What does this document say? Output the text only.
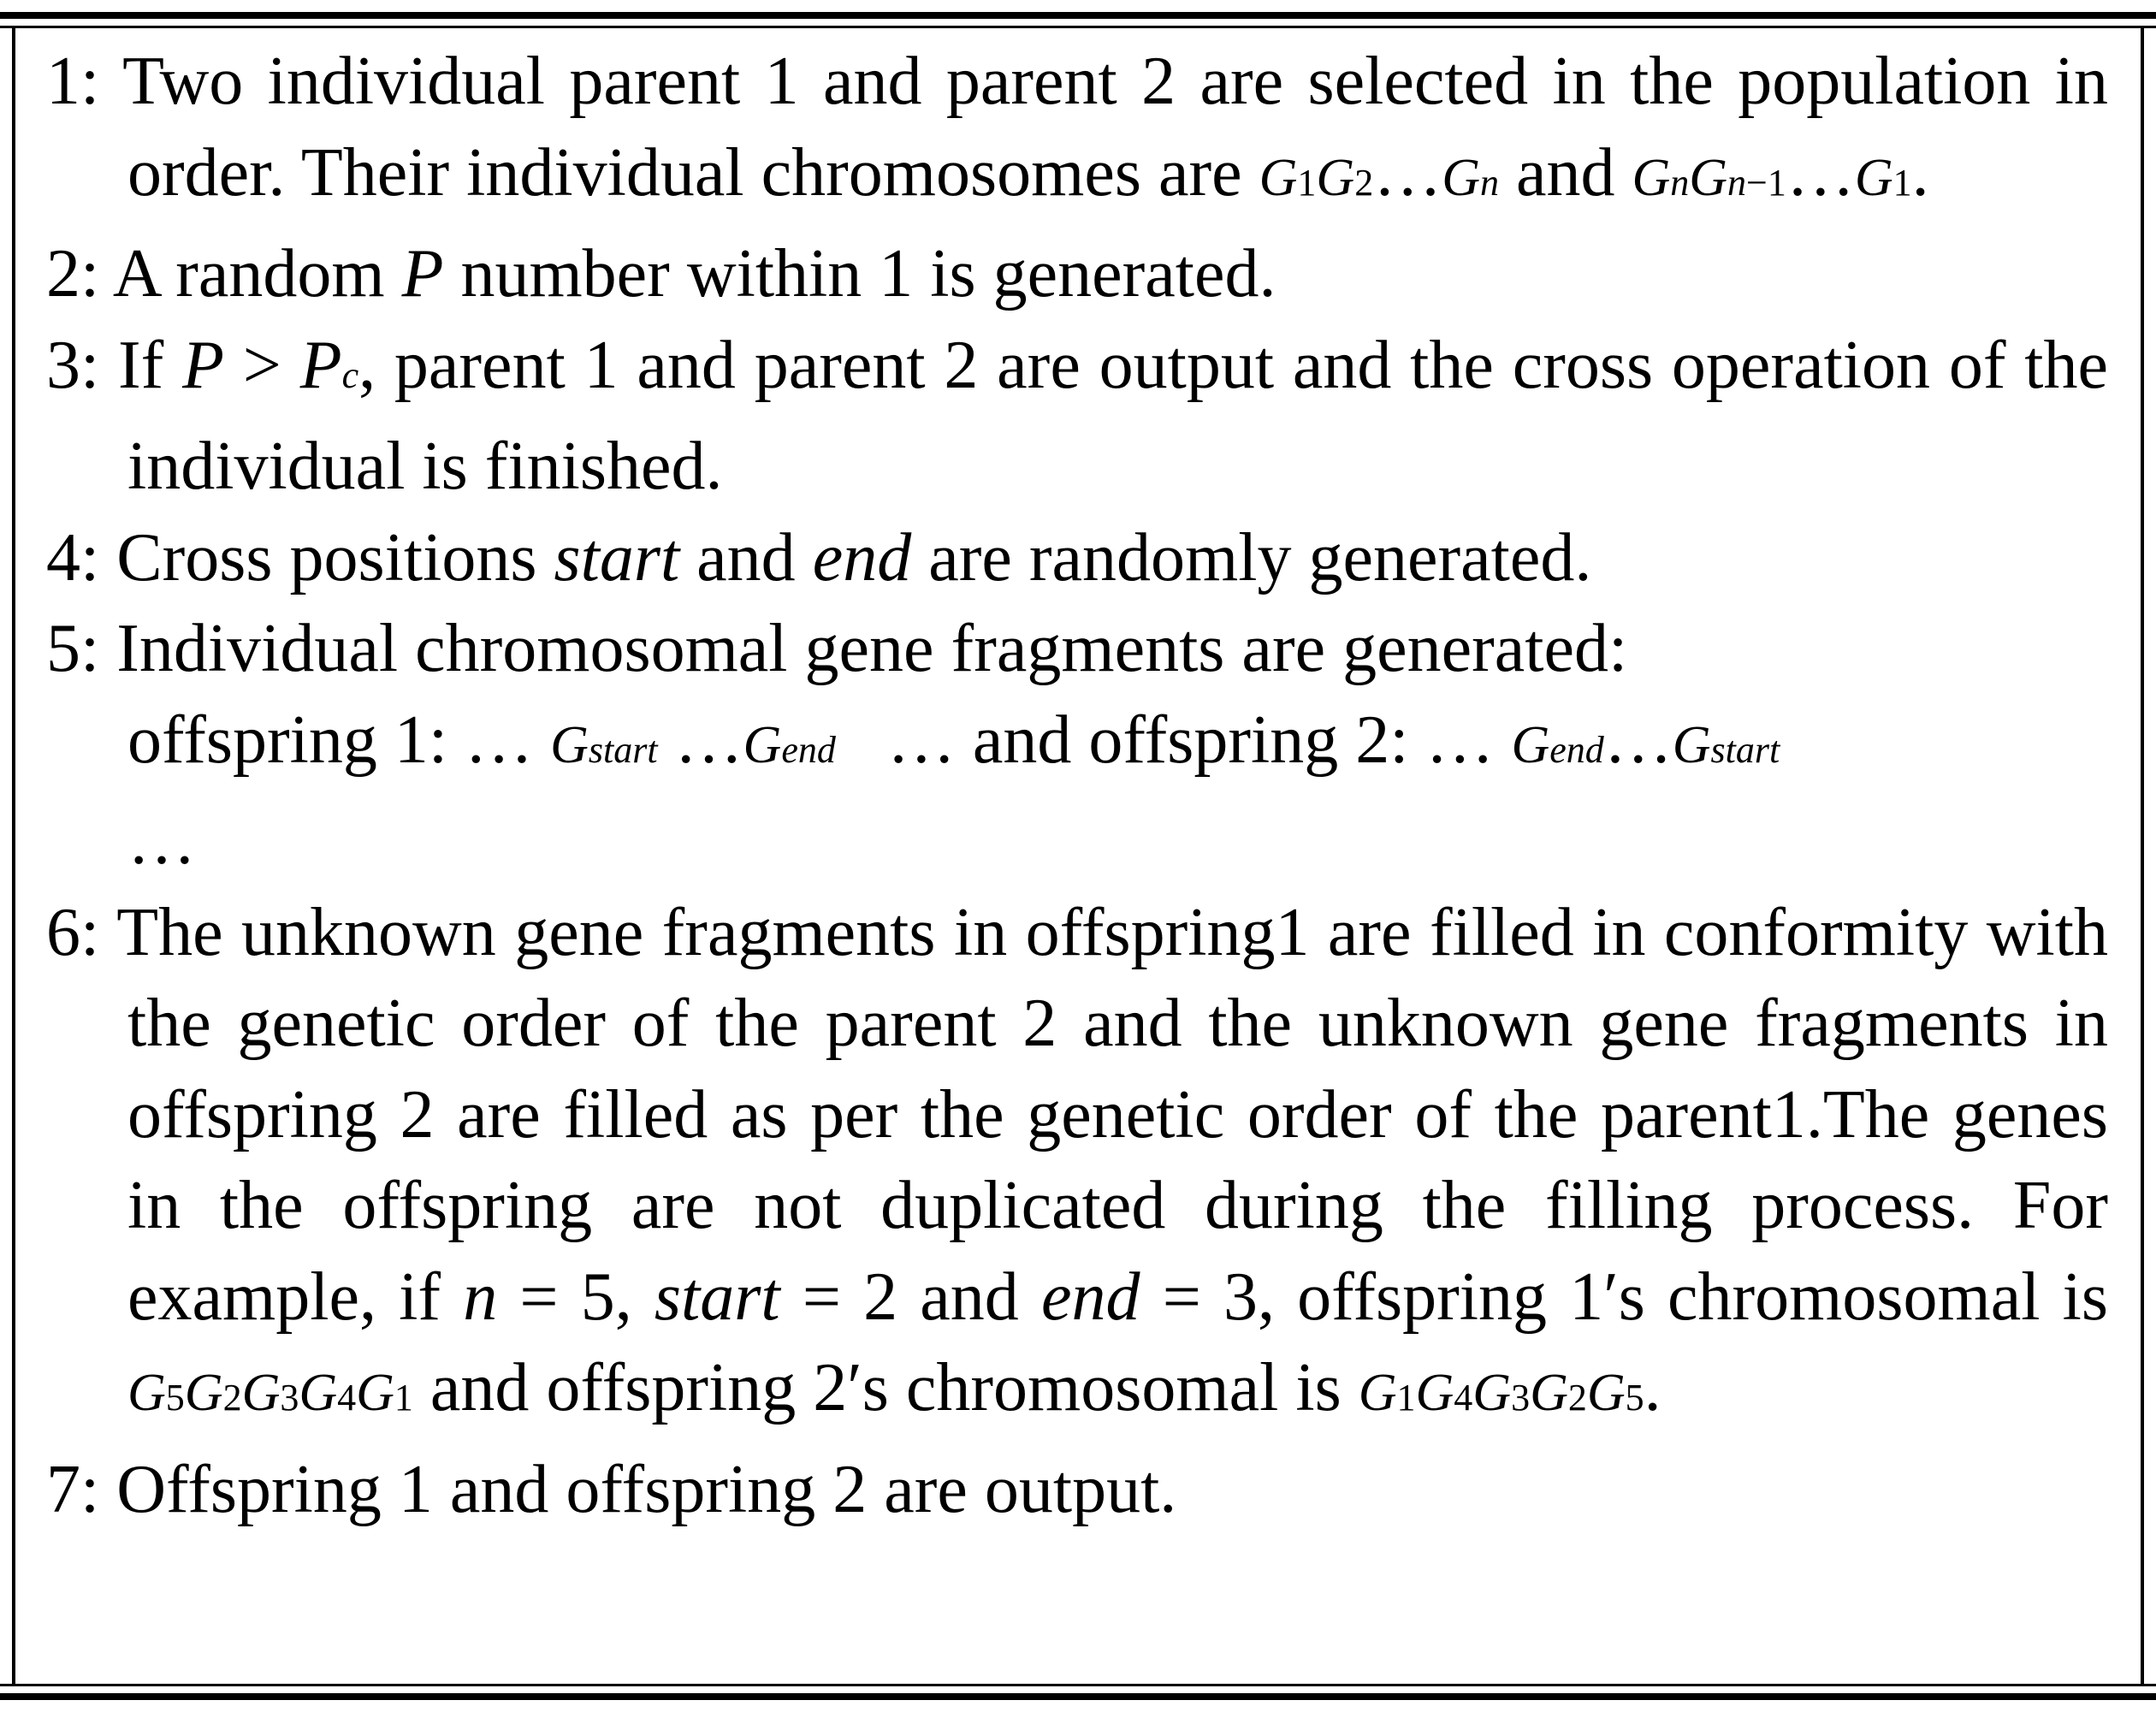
1: Two individual parent 1 and parent 2 are selected in the population in order. Their individual chromosomes are G1G2…Gn and GnGn−1…G1.
2: A random P number within 1 is generated.
3: If P > Pc, parent 1 and parent 2 are output and the cross operation of the individual is finished.
4: Cross positions start and end are randomly generated.
5: Individual chromosomal gene fragments are generated:
offspring 1: … Gstart …Gend … and offspring 2: … Gend…Gstart
…
6: The unknown gene fragments in offspring1 are filled in conformity with the genetic order of the parent 2 and the unknown gene fragments in offspring 2 are filled as per the genetic order of the parent1.The genes in the offspring are not duplicated during the filling process. For example, if n = 5, start = 2 and end = 3, offspring 1′s chromosomal is G5G2G3G4G1 and offspring 2′s chromosomal is G1G4G3G2G5.
7: Offspring 1 and offspring 2 are output.
